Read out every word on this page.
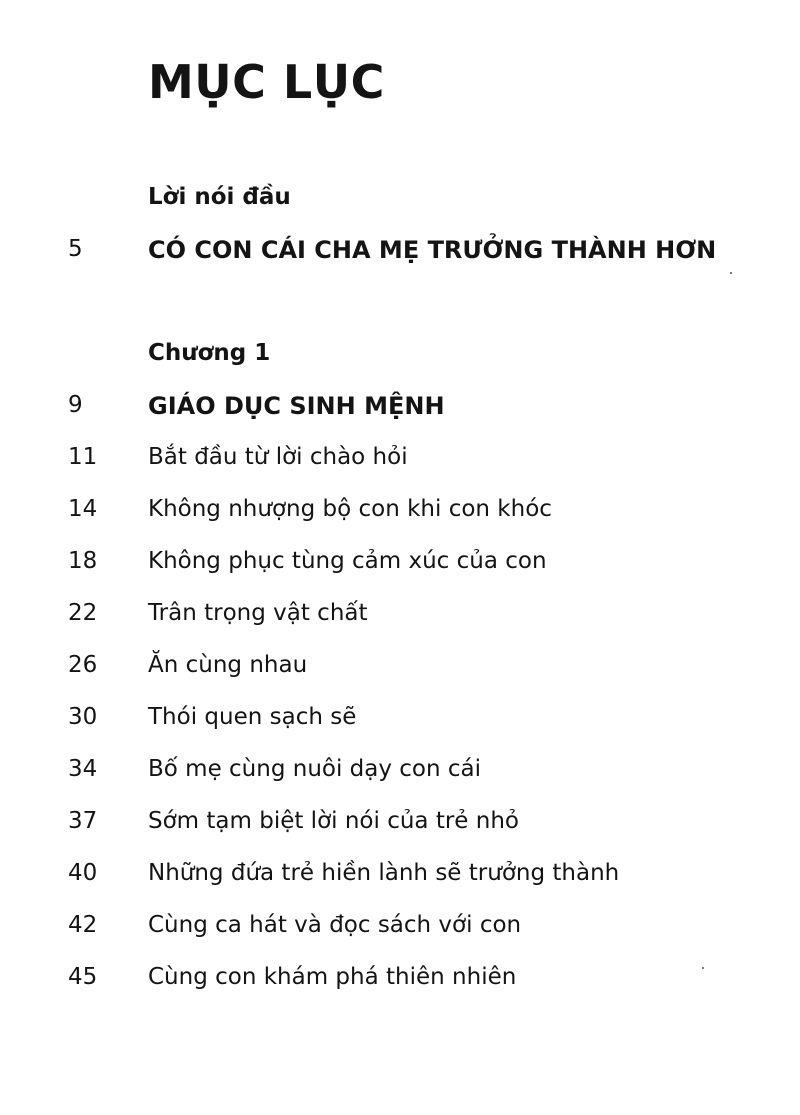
MỤC LỤC
Lời nói đầu
5	CÓ CON CÁI CHA MẸ TRƯỞNG THÀNH HƠN
Chương 1
9	GIÁO DỤC SINH MỆNH
11 Bắt đầu từ lời chào hỏi
14 Không nhượng bộ con khi con khóc
18 Không phục tùng cảm xúc của con
22 Trân trọng vật chất
26 Ăn cùng nhau
30 Thói quen sạch sẽ
34 Bố mẹ cùng nuôi dạy con cái
37 Sớm tạm biệt lời nói của trẻ nhỏ
40 Những đứa trẻ hiền lành sẽ trưởng thành
42 Cùng ca hát và đọc sách với con
45 Cùng con khám phá thiên nhiên
